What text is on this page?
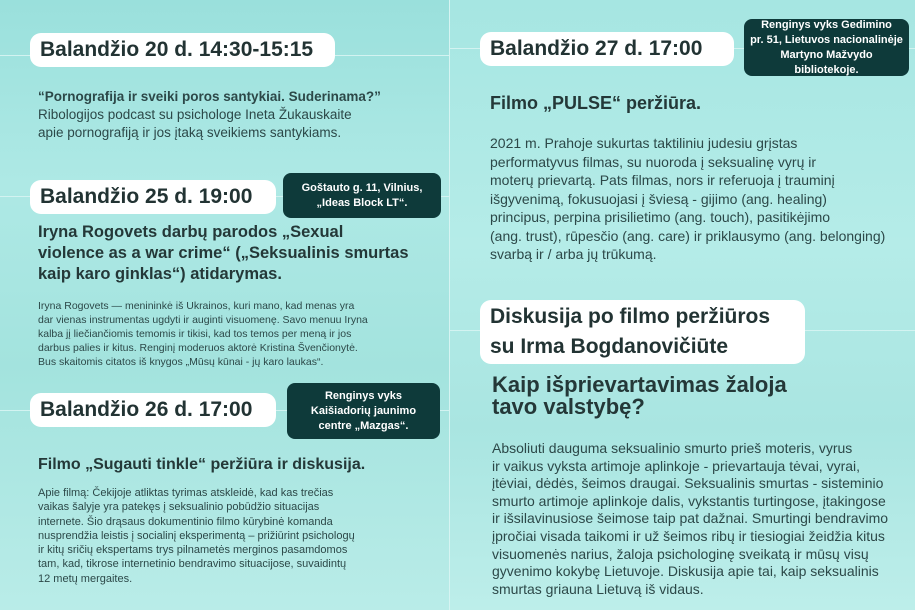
Balandžio 20 d. 14:30-15:15
“Pornografija ir sveiki poros santykiai. Suderinama?”
Ribologijos podcast su psichologe Ineta Žukauskaite
apie pornografiją ir jos įtaką sveikiems santykiams.
Balandžio 25 d. 19:00	Goštauto g. 11, Vilnius,
„Ideas Block LT“.
Iryna Rogovets darbų parodos „Sexual
violence as a war crime“ („Seksualinis smurtas
kaip karo ginklas“) atidarymas.
Iryna Rogovets — menininkė iš Ukrainos, kuri mano, kad menas yra
dar vienas instrumentas ugdyti ir auginti visuomenę. Savo menuu Iryna
kalba jį liečiančiomis temomis ir tikisi, kad tos temos per meną ir jos
darbus palies ir kitus. Renginį moderuos aktorė Kristina Švenčionytė.
Bus skaitomis citatos iš knygos „Mūsų kūnai - jų karo laukas“.
Balandžio 26 d. 17:00
Renginys vyks
Kaišiadorių jaunimo
centre „Mazgas“.
Filmo „Sugauti tinkle“ peržiūra ir diskusija.
Apie filmą: Čekijoje atliktas tyrimas atskleidė, kad kas trečias
vaikas šalyje yra patekęs į seksualinio pobūdžio situacijas
internete. Šio drąsaus dokumentinio filmo kūrybinė komanda
nusprendžia leistis į socialinį eksperimentą – prižiūrint psichologų
ir kitų sričių ekspertams trys pilnametės merginos pasamdomos
tam, kad, tikrose internetinio bendravimo situacijose, suvaidintų
12 metų mergaites.
Balandžio 27 d. 17:00
Renginys vyks Gedimino
pr. 51, Lietuvos nacionalinėje
Martyno Mažvydo bibliotekoje.
Filmo „PULSE“ peržiūra.
2021 m. Prahoje sukurtas taktiliniu judesiu grįstas
performatyvus filmas, su nuoroda į seksualinę vyrų ir
moterų prievartą. Pats filmas, nors ir referuoja į trauminį
išgyvenimą, fokusuojasi į šviesą - gijimo (ang. healing)
principus, perpina prisilietimo (ang. touch), pasitikėjimo
(ang. trust), rūpesčio (ang. care) ir priklausymo (ang. belonging)
svarbą ir / arba jų trūkumą.
Diskusija po filmo peržiūros
su Irma Bogdanovičiūte
Kaip išprievartavimas žaloja
tavo valstybę?
Absoliuti dauguma seksualinio smurto prieš moteris, vyrus
ir vaikus vyksta artimoje aplinkoje - prievartauja tėvai, vyrai,
įtėviai, dėdės, šeimos draugai. Seksualinis smurtas - sisteminio
smurto artimoje aplinkoje dalis, vykstantis turtingose, įtakingose
ir išsilavinusiose šeimose taip pat dažnai. Smurtingi bendravimo
įpročiai visada taikomi ir už šeimos ribų ir tiesiogiai žeidžia kitus
visuomenės narius, žaloja psichologinę sveikatą ir mūsų visų
gyvenimo kokybę Lietuvoje. Diskusija apie tai, kaip seksualinis
smurtas griauna Lietuvą iš vidaus.
